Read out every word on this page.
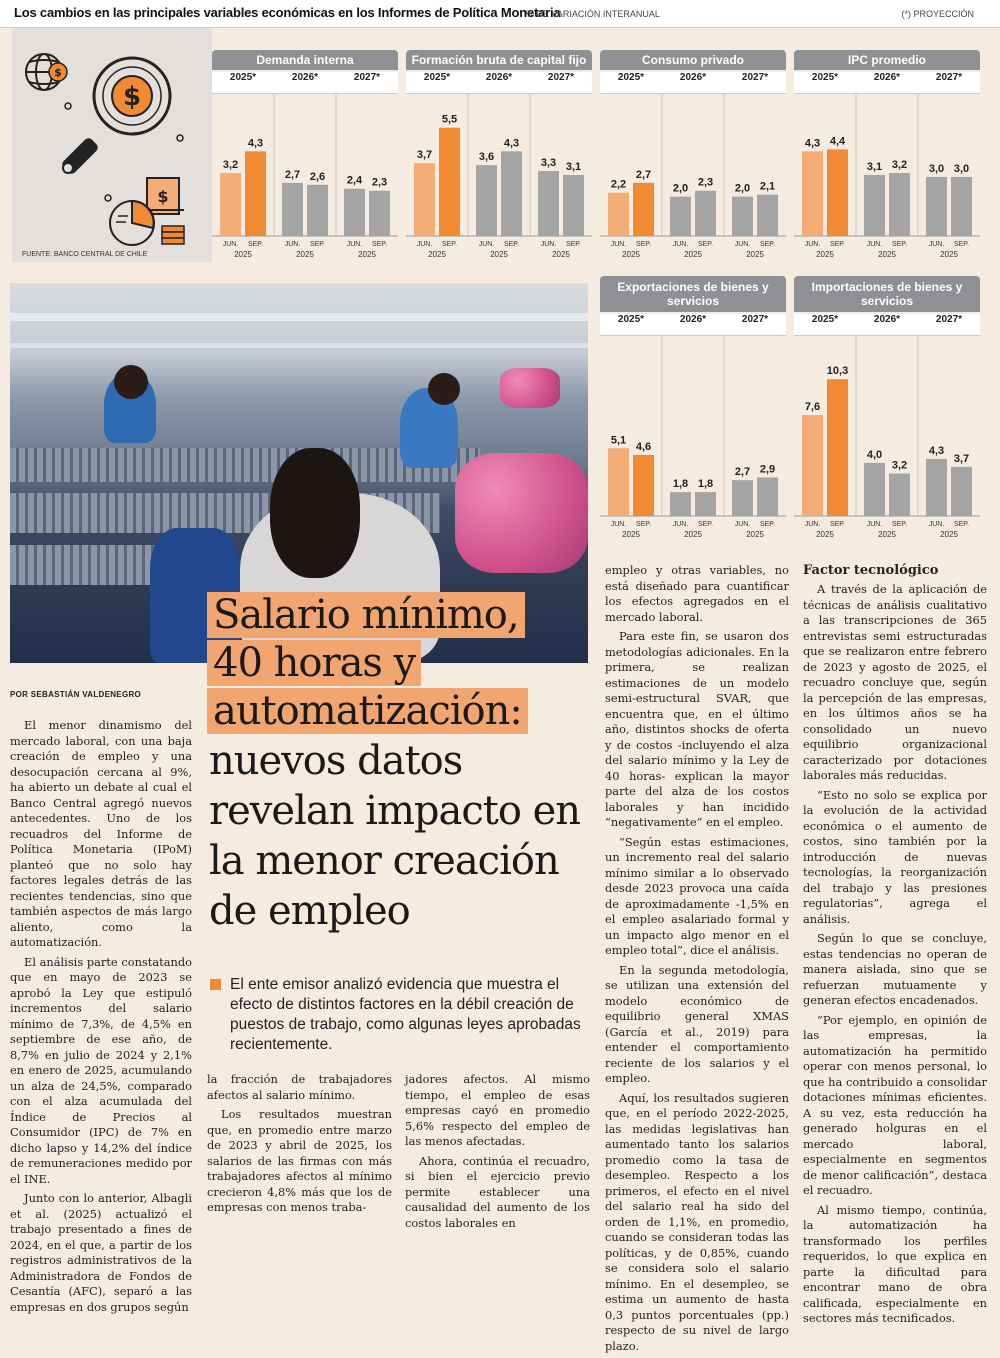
Los cambios en las principales variables económicas en los Informes de Política Monetaria
% DE VARIACIÓN INTERANUAL	(*) PROYECCIÓN
$
$
$
FUENTE: BANCO CENTRAL DE CHILE
Demanda interna
2025*	2026*	2027*
3,2
4,3
JUN. SEP.
2025
2,7 2,6
JUN. SEP.
2025
2,4 2,3
JUN. SEP.
2025
Formación bruta de capital fijo
2025*	2026*	2027*
3,7
5,5
JUN. SEP.
2025
3,6
4,3
JUN. SEP.
2025
3,3 3,1
JUN. SEP.
2025
Consumo privado
2025*	2026*	2027*
2,2
2,7
JUN. SEP.
2025
2,0 2,3
JUN. SEP.
2025
2,0 2,1
JUN. SEP.
2025
IPC promedio
2025*	2026*	2027*
4,3 4,4
JUN. SEP.
2025
3,1 3,2
JUN. SEP.
2025
3,0 3,0
JUN. SEP.
2025
Exportaciones de bienes y servicios
2025*	2026*	2027*
5,1
4,6
JUN. SEP.
2025
1,8 1,8
JUN. SEP.
2025
2,7 2,9
JUN. SEP.
2025
Importaciones de bienes y servicios
2025*	2026*	2027*
7,6
10,3
JUN. SEP.
2025
4,0
3,2
JUN. SEP.
2025
4,3
3,7
JUN. SEP.
2025
Salario mínimo,
40 horas y
automatización:
nuevos datos
revelan impacto en
la menor creación
de empleo
POR SEBASTIÁN VALDENEGRO
El ente emisor analizó evidencia que muestra el efecto de distintos factores en la débil creación de puestos de trabajo, como algunas leyes aprobadas recientemente.

El menor dinamismo del mercado laboral, con una baja creación de empleo y una desocupación cercana al 9%, ha abierto un debate al cual el Banco Central agregó nuevos antecedentes. Uno de los recuadros del Informe de Política Monetaria (IPoM) planteó que no solo hay factores legales detrás de las recientes tendencias, sino que también aspectos de más largo aliento, como la automatización.

El análisis parte constatando que en mayo de 2023 se aprobó la Ley que estipuló incrementos del salario mínimo de 7,3%, de 4,5% en septiembre de ese año, de 8,7% en julio de 2024 y 2,1% en enero de 2025, acumulando un alza de 24,5%, comparado con el alza acumulada del Índice de Precios al Consumidor (IPC) de 7% en dicho lapso y 14,2% del índice de remuneraciones medido por el INE.

Junto con lo anterior, Albagli et al. (2025) actualizó el trabajo presentado a fines de 2024, en el que, a partir de los registros administrativos de la Administradora de Fondos de Cesantía (AFC), separó a las empresas en dos grupos según

la fracción de trabajadores afectos al salario mínimo.

Los resultados muestran que, en promedio entre marzo de 2023 y abril de 2025, los salarios de las firmas con más trabajadores afectos al mínimo crecieron 4,8% más que los de empresas con menos traba-

jadores afectos. Al mismo tiempo, el empleo de esas empresas cayó en promedio 5,6% respecto del empleo de las menos afectadas.

Ahora, continúa el recuadro, si bien el ejercicio previo permite establecer una causalidad del aumento de los costos laborales en

empleo y otras variables, no está diseñado para cuantificar los efectos agregados en el mercado laboral.

Para este fin, se usaron dos metodologías adicionales. En la primera, se realizan estimaciones de un modelo semi-estructural SVAR, que encuentra que, en el último año, distintos shocks de oferta y de costos -incluyendo el alza del salario mínimo y la Ley de 40 horas- explican la mayor parte del alza de los costos laborales y han incidido “negativamente” en el empleo.

“Según estas estimaciones, un incremento real del salario mínimo similar a lo observado desde 2023 provoca una caída de aproximadamente -1,5% en el empleo asalariado formal y un impacto algo menor en el empleo total”, dice el análisis.

En la segunda metodología, se utilizan una extensión del modelo económico de equilibrio general XMAS (García et al., 2019) para entender el comportamiento reciente de los salarios y el empleo.

Aquí, los resultados sugieren que, en el período 2022-2025, las medidas legislativas han aumentado tanto los salarios promedio como la tasa de desempleo. Respecto a los primeros, el efecto en el nivel del salario real ha sido del orden de 1,1%, en promedio, cuando se consideran todas las políticas, y de 0,85%, cuando se considera solo el salario mínimo. En el desempleo, se estima un aumento de hasta 0,3 puntos porcentuales (pp.) respecto de su nivel de largo plazo.

Factor tecnológico

A través de la aplicación de técnicas de análisis cualitativo a las transcripciones de 365 entrevistas semi estructuradas que se realizaron entre febrero de 2023 y agosto de 2025, el recuadro concluye que, según la percepción de las empresas, en los últimos años se ha consolidado un nuevo equilibrio organizacional caracterizado por dotaciones laborales más reducidas.

“Esto no solo se explica por la evolución de la actividad económica o el aumento de costos, sino también por la introducción de nuevas tecnologías, la reorganización del trabajo y las presiones regulatorias”, agrega el análisis.

Según lo que se concluye, estas tendencias no operan de manera aislada, sino que se refuerzan mutuamente y generan efectos encadenados.

“Por ejemplo, en opinión de las empresas, la automatización ha permitido operar con menos personal, lo que ha contribuido a consolidar dotaciones mínimas eficientes. A su vez, esta reducción ha generado holguras en el mercado laboral, especialmente en segmentos de menor calificación”, destaca el recuadro.

Al mismo tiempo, continúa, la automatización ha transformado los perfiles requeridos, lo que explica en parte la dificultad para encontrar mano de obra calificada, especialmente en sectores más tecnificados.
